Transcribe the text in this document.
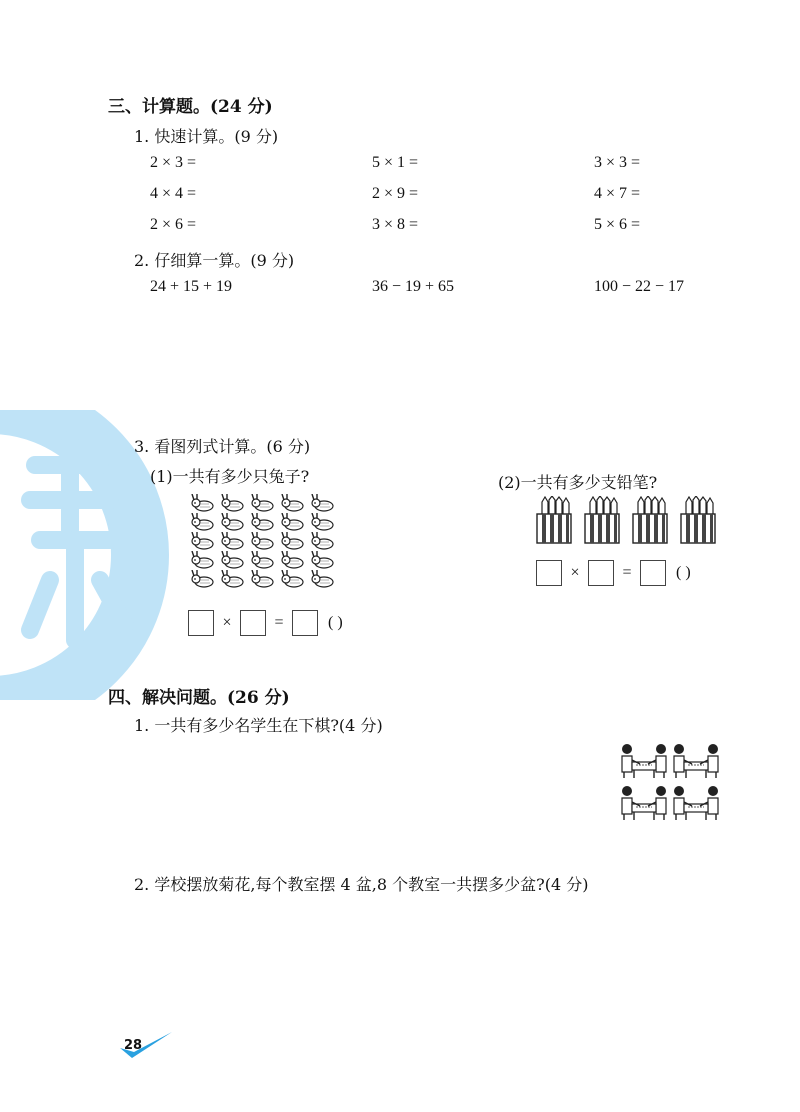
三、计算题。(24 分)
1. 快速计算。(9 分)
2 × 3 =	5 × 1 =	3 × 3 =
4 × 4 =	2 × 9 =	4 × 7 =
2 × 6 =	3 × 8 =	5 × 6 =
2. 仔细算一算。(9 分)
24 + 15 + 19	36 − 19 + 65	100 − 22 − 17
3. 看图列式计算。(6 分)
(1)一共有多少只兔子?	(2)一共有多少支铅笔?
×	=	( )
×	=	( )
四、解决问题。(26 分)
1. 一共有多少名学生在下棋?(4 分)
2. 学校摆放菊花,每个教室摆 4 盆,8 个教室一共摆多少盆?(4 分)
28
